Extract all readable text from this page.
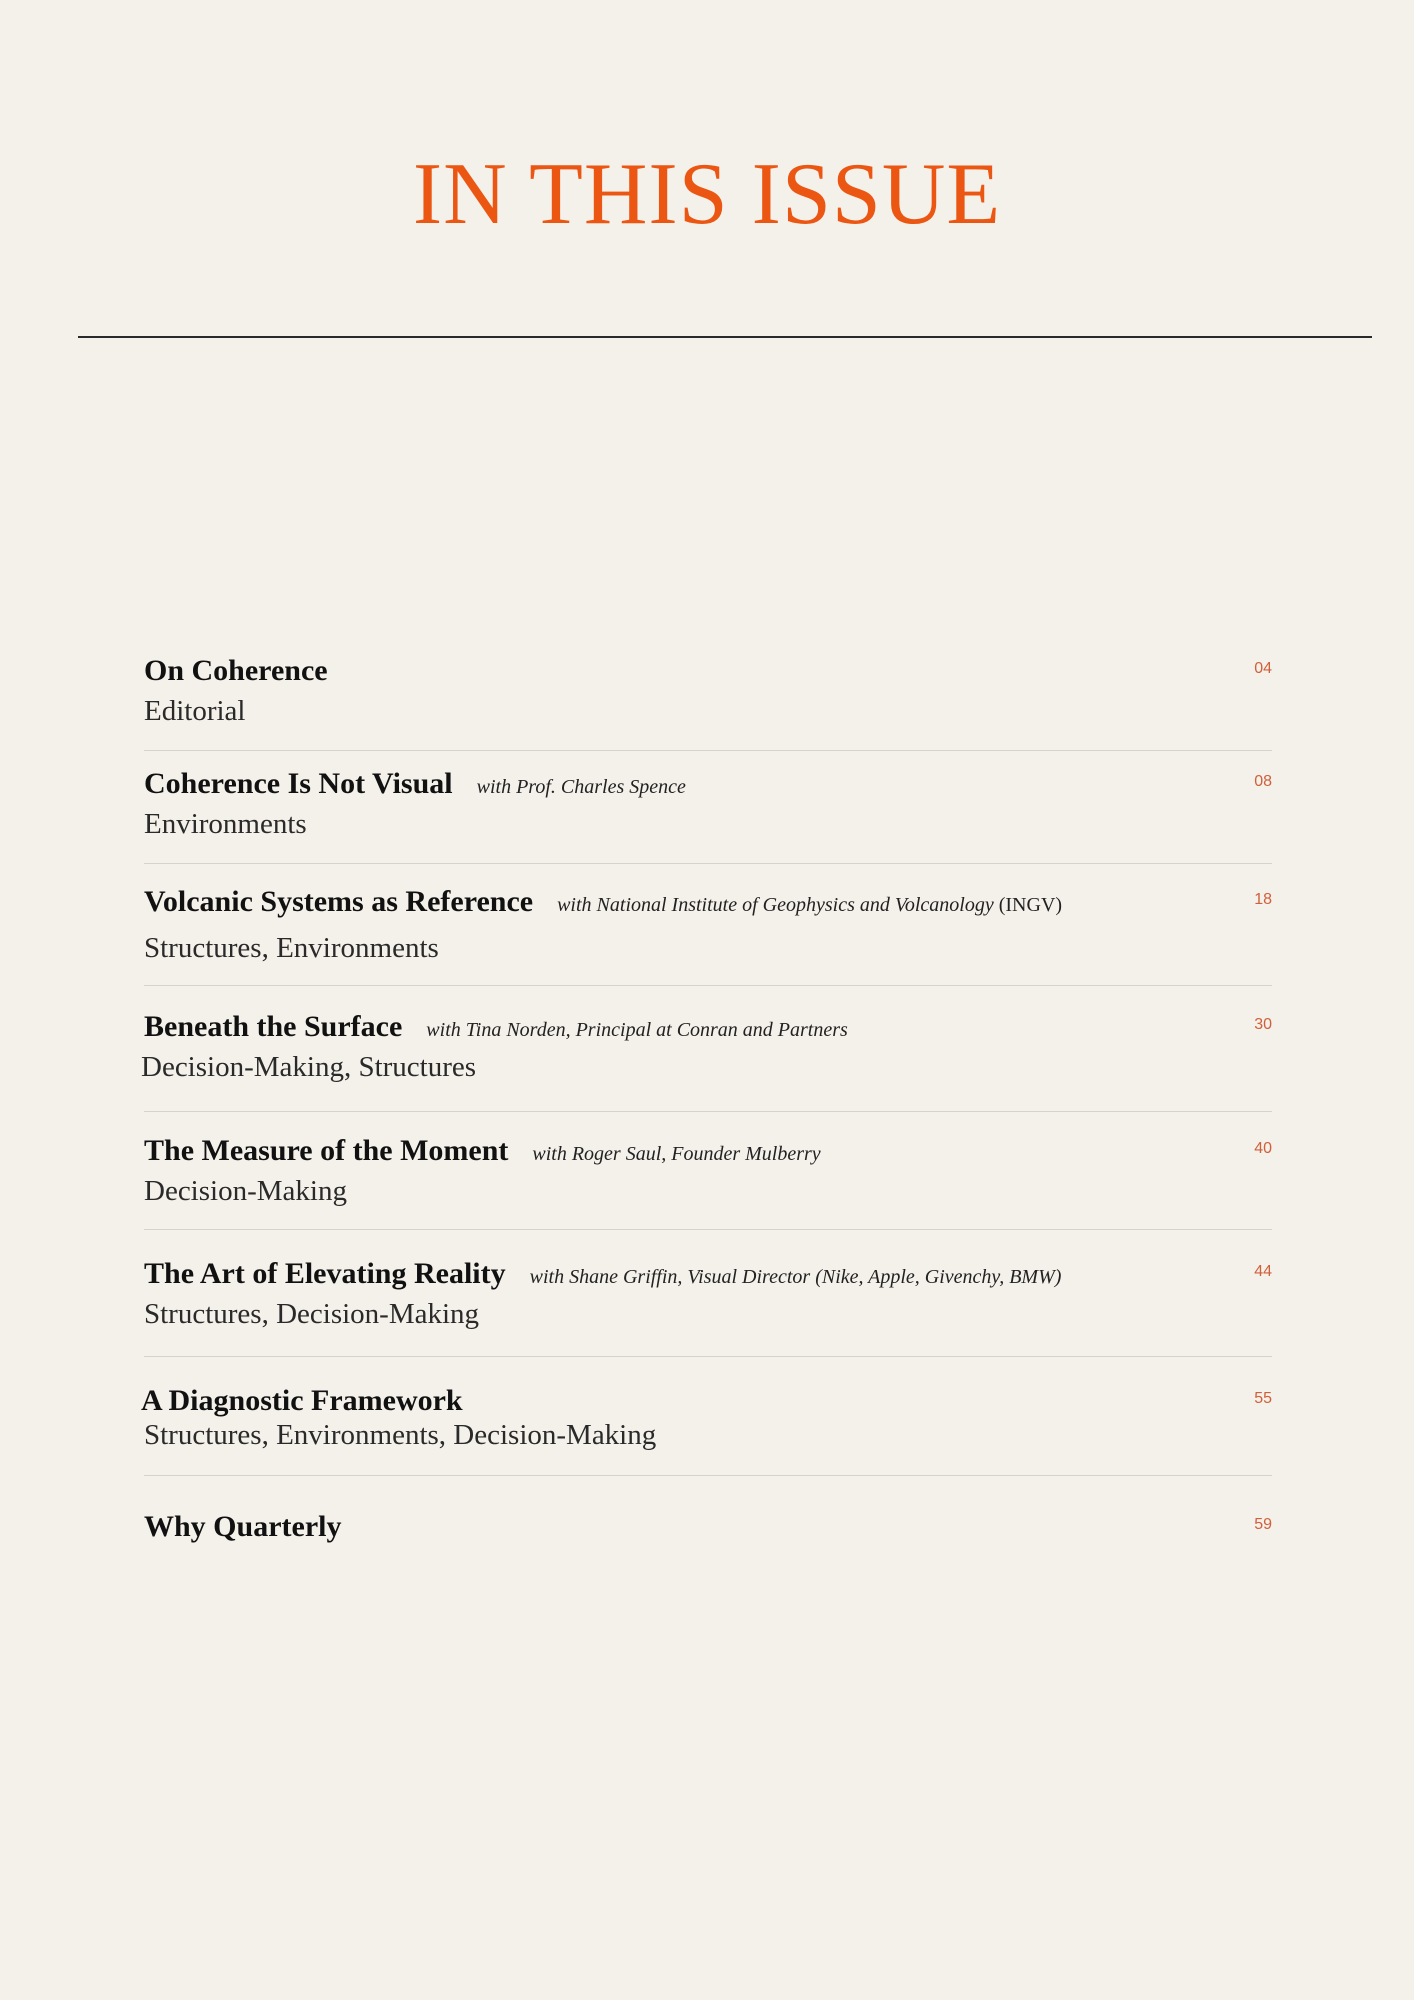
IN THIS ISSUE
On Coherence
Editorial
04
Coherence Is Not Visual with Prof. Charles Spence
Environments
08
Volcanic Systems as Reference with National Institute of Geophysics and Volcanology (INGV)
Structures, Environments
18
Beneath the Surface with Tina Norden, Principal at Conran and Partners
Decision-Making, Structures
30
The Measure of the Moment with Roger Saul, Founder Mulberry
Decision-Making
40
The Art of Elevating Reality with Shane Griffin, Visual Director (Nike, Apple, Givenchy, BMW)
Structures, Decision-Making
44
A Diagnostic Framework
Structures, Environments, Decision-Making
55
Why Quarterly	59
